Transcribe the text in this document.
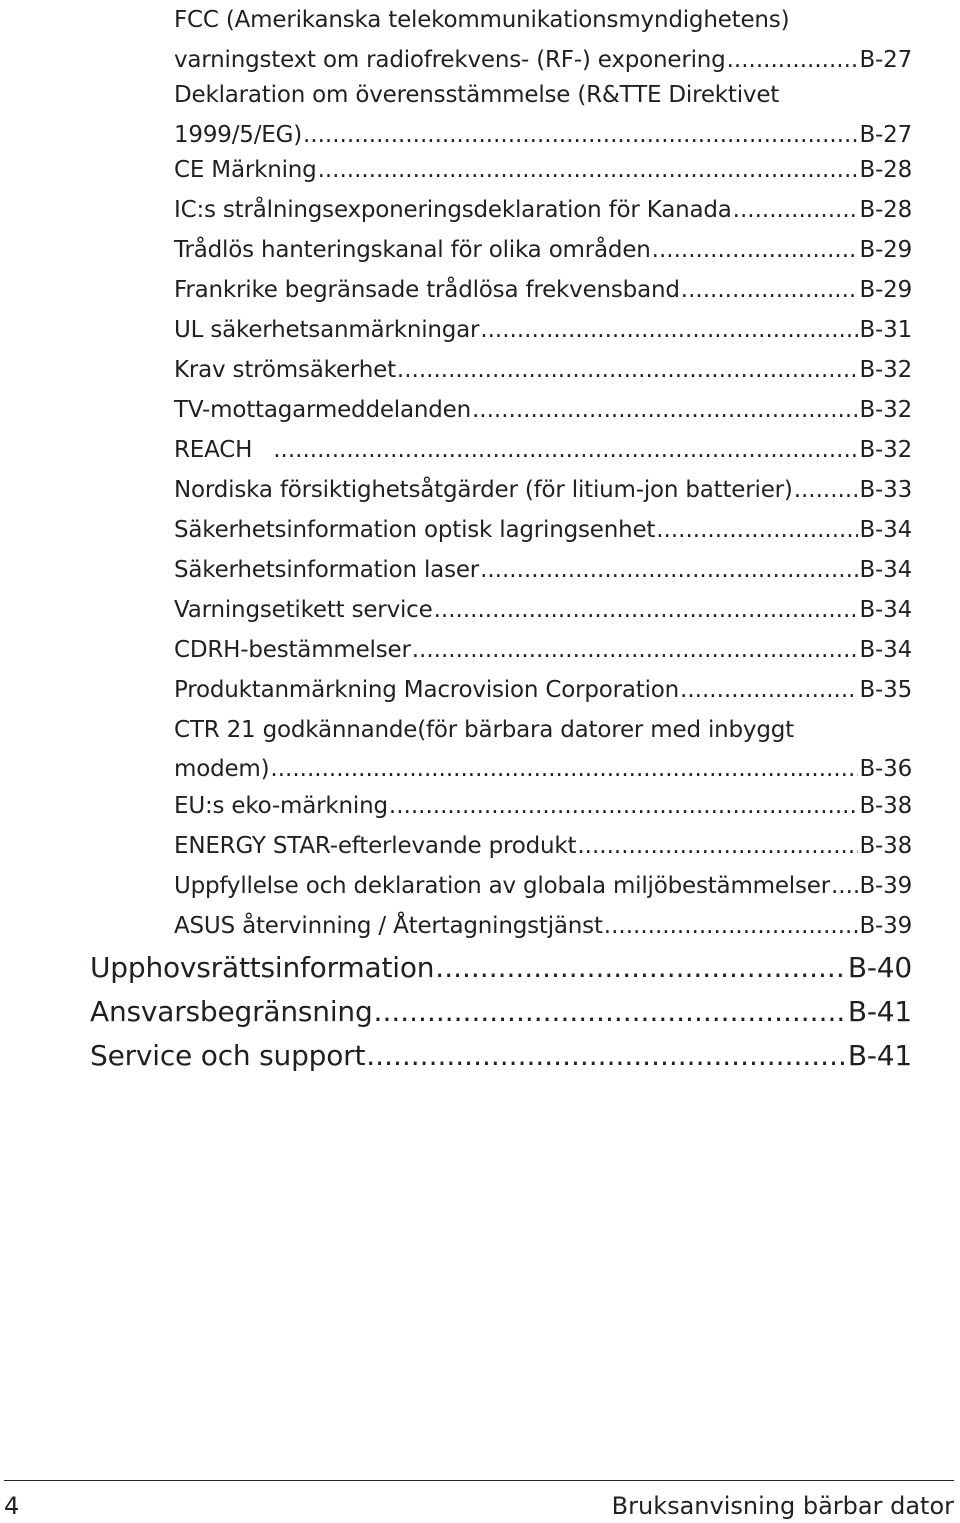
FCC (Amerikanska telekommunikationsmyndighetens)
varningstext om radiofrekvens- (RF-) exponering .....	B-27
Deklaration om överensstämmelse (R&TTE Direktivet
1999/5/EG) .....	B-27
CE Märkning .....	B-28
IC:s strålningsexponeringsdeklaration för Kanada .....	B-28
Trådlös hanteringskanal för olika områden .....	B-29
Frankrike begränsade trådlösa frekvensband .....	B-29
UL säkerhetsanmärkningar .....	B-31
Krav strömsäkerhet .....	B-32
TV-mottagarmeddelanden .....	B-32
REACH .....	B-32
Nordiska försiktighetsåtgärder (för litium-jon batterier) .....	B-33
Säkerhetsinformation optisk lagringsenhet .....	B-34
Säkerhetsinformation laser .....	B-34
Varningsetikett service .....	B-34
CDRH-bestämmelser .....	B-34
Produktanmärkning Macrovision Corporation .....	B-35
CTR 21 godkännande(för bärbara datorer med inbyggt
modem) .....	B-36
EU:s eko-märkning .....	B-38
ENERGY STAR-efterlevande produkt .....	B-38
Uppfyllelse och deklaration av globala miljöbestämmelser ..... B-39
ASUS återvinning / Återtagningstjänst .....	B-39
Upphovsrättsinformation .....	B-40
Ansvarsbegränsning .....	B-41
Service och support .....	B-41
4	Bruksanvisning bärbar dator
